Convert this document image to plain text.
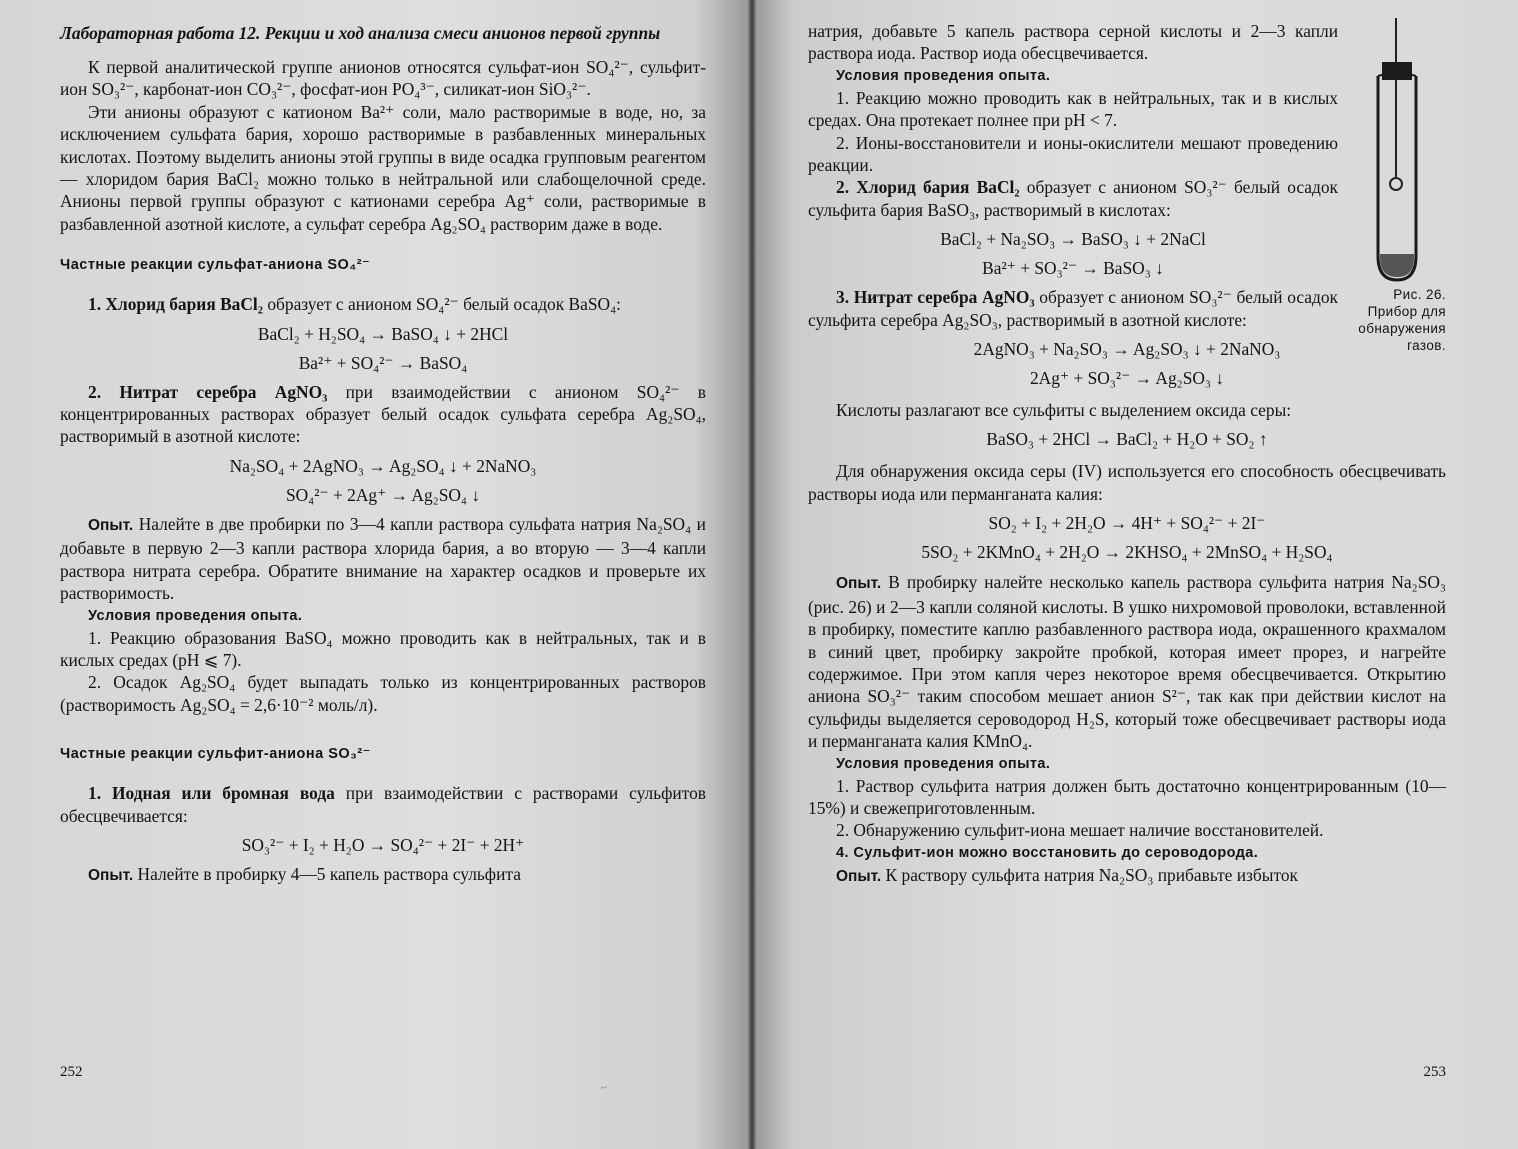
Лабораторная работа 12. Рекции и ход анализа смеси анионов первой группы

К первой аналитической группе анионов относятся сульфат-ион SO₄²⁻, сульфит-ион SO₃²⁻, карбонат-ион CO₃²⁻, фосфат-ион PO₄³⁻, силикат-ион SiO₃²⁻.

Эти анионы образуют с катионом Ba²⁺ соли, мало растворимые в воде, но, за исключением сульфата бария, хорошо растворимые в разбавленных минеральных кислотах. Поэтому выделить анионы этой группы в виде осадка групповым реагентом — хлоридом бария BaCl₂ можно только в нейтральной или слабощелочной среде. Анионы первой группы образуют с катионами серебра Ag⁺ соли, растворимые в разбавленной азотной кислоте, а сульфат серебра Ag₂SO₄ растворим даже в воде.

Частные реакции сульфат-аниона SO₄²⁻

1. Хлорид бария BaCl₂ образует с анионом SO₄²⁻ белый осадок BaSO₄:

BaCl₂ + H₂SO₄ → BaSO₄ ↓ + 2HCl

Ba²⁺ + SO₄²⁻ → BaSO₄

2. Нитрат серебра AgNO₃ при взаимодействии с анионом SO₄²⁻ в концентрированных растворах образует белый осадок сульфата серебра Ag₂SO₄, растворимый в азотной кислоте:

Na₂SO₄ + 2AgNO₃ → Ag₂SO₄ ↓ + 2NaNO₃

SO₄²⁻ + 2Ag⁺ → Ag₂SO₄ ↓

Опыт. Налейте в две пробирки по 3—4 капли раствора сульфата натрия Na₂SO₄ и добавьте в первую 2—3 капли раствора хлорида бария, а во вторую — 3—4 капли раствора нитрата серебра. Обратите внимание на характер осадков и проверьте их растворимость.

Условия проведения опыта.

1. Реакцию образования BaSO₄ можно проводить как в нейтральных, так и в кислых средах (pH ⩽ 7).

2. Осадок Ag₂SO₄ будет выпадать только из концентрированных растворов (растворимость Ag₂SO₄ = 2,6·10⁻² моль/л).

Частные реакции сульфит-аниона SO₃²⁻

1. Иодная или бромная вода при взаимодействии с растворами сульфитов обесцвечивается:

SO₃²⁻ + I₂ + H₂O → SO₄²⁻ + 2I⁻ + 2H⁺

Опыт. Налейте в пробирку 4—5 капель раствора сульфита

252
~

натрия, добавьте 5 капель раствора серной кислоты и 2—3 капли раствора иода. Раствор иода обесцвечивается.

Условия проведения опыта.

1. Реакцию можно проводить как в нейтральных, так и в кислых средах. Она протекает полнее при pH < 7.

2. Ионы-восстановители и ионы-окислители мешают проведению реакции.

2. Хлорид бария BaCl₂ образует с анионом SO₃²⁻ белый осадок сульфита бария BaSO₃, растворимый в кислотах:

BaCl₂ + Na₂SO₃ → BaSO₃ ↓ + 2NaCl

Ba²⁺ + SO₃²⁻ → BaSO₃ ↓

3. Нитрат серебра AgNO₃ образует с анионом SO₃²⁻ белый осадок сульфита серебра Ag₂SO₃, растворимый в азотной кислоте:

2AgNO₃ + Na₂SO₃ → Ag₂SO₃ ↓ + 2NaNO₃

2Ag⁺ + SO₃²⁻ → Ag₂SO₃ ↓

Кислоты разлагают все сульфиты с выделением оксида серы:

BaSO₃ + 2HCl → BaCl₂ + H₂O + SO₂ ↑

Для обнаружения оксида серы (IV) используется его способность обесцвечивать растворы иода или перманганата калия:

SO₂ + I₂ + 2H₂O → 4H⁺ + SO₄²⁻ + 2I⁻

5SO₂ + 2KMnO₄ + 2H₂O → 2KHSO₄ + 2MnSO₄ + H₂SO₄

Опыт. В пробирку налейте несколько капель раствора сульфита натрия Na₂SO₃ (рис. 26) и 2—3 капли соляной кислоты. В ушко нихромовой проволоки, вставленной в пробирку, поместите каплю разбавленного раствора иода, окрашенного крахмалом в синий цвет, пробирку закройте пробкой, которая имеет прорез, и нагрейте содержимое. При этом капля через некоторое время обесцвечивается. Открытию аниона SO₃²⁻ таким способом мешает анион S²⁻, так как при действии кислот на сульфиды выделяется сероводород H₂S, который тоже обесцвечивает растворы иода и перманганата калия KMnO₄.

Условия проведения опыта.

1. Раствор сульфита натрия должен быть достаточно концентрированным (10—15%) и свежеприготовленным.

2. Обнаружению сульфит-иона мешает наличие восстановителей.

4. Сульфит-ион можно восстановить до сероводорода.

Опыт. К раствору сульфита натрия Na₂SO₃ прибавьте избыток

253
Рис. 26. Прибор для обнаружения газов.
